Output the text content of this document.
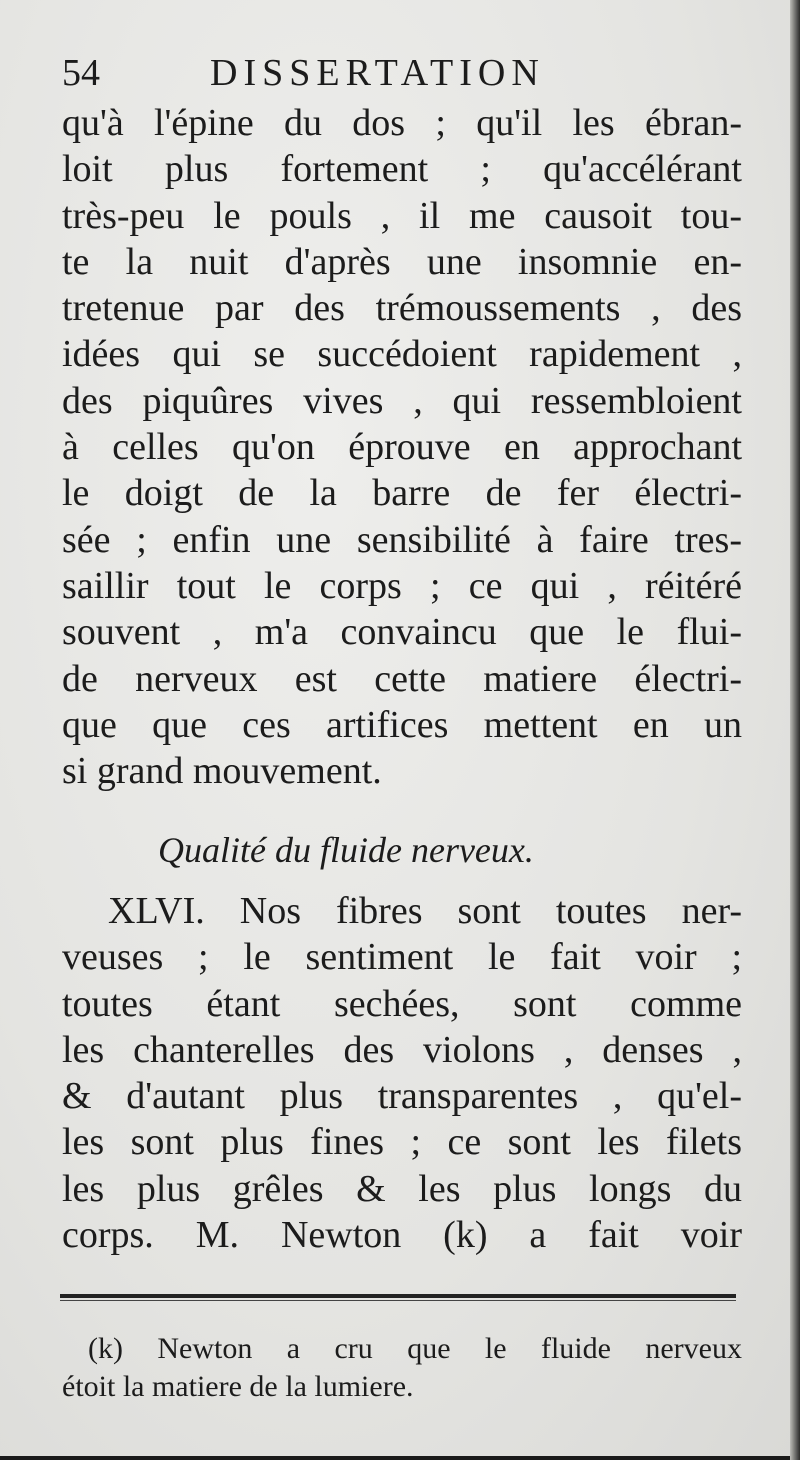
54	DISSERTATION
qu'à l'épine du dos ; qu'il les ébran-
loit plus fortement ; qu'accélérant
très-peu le pouls , il me causoit tou-
te la nuit d'après une insomnie en-
tretenue par des trémoussements , des
idées qui se succédoient rapidement ,
des piquûres vives , qui ressembloient
à celles qu'on éprouve en approchant
le doigt de la barre de fer électri-
sée ; enfin une sensibilité à faire tres-
saillir tout le corps ; ce qui , réitéré
souvent , m'a convaincu que le flui-
de nerveux est cette matiere électri-
que que ces artifices mettent en un
si grand mouvement.
Qualité du fluide nerveux.
XLVI. Nos fibres sont toutes ner-
veuses ; le sentiment le fait voir ;
toutes étant sechées, sont comme
les chanterelles des violons , denses ,
& d'autant plus transparentes , qu'el-
les sont plus fines ; ce sont les filets
les plus grêles & les plus longs du
corps. M. Newton (k) a fait voir
(k) Newton a cru que le fluide nerveux
étoit la matiere de la lumiere.
